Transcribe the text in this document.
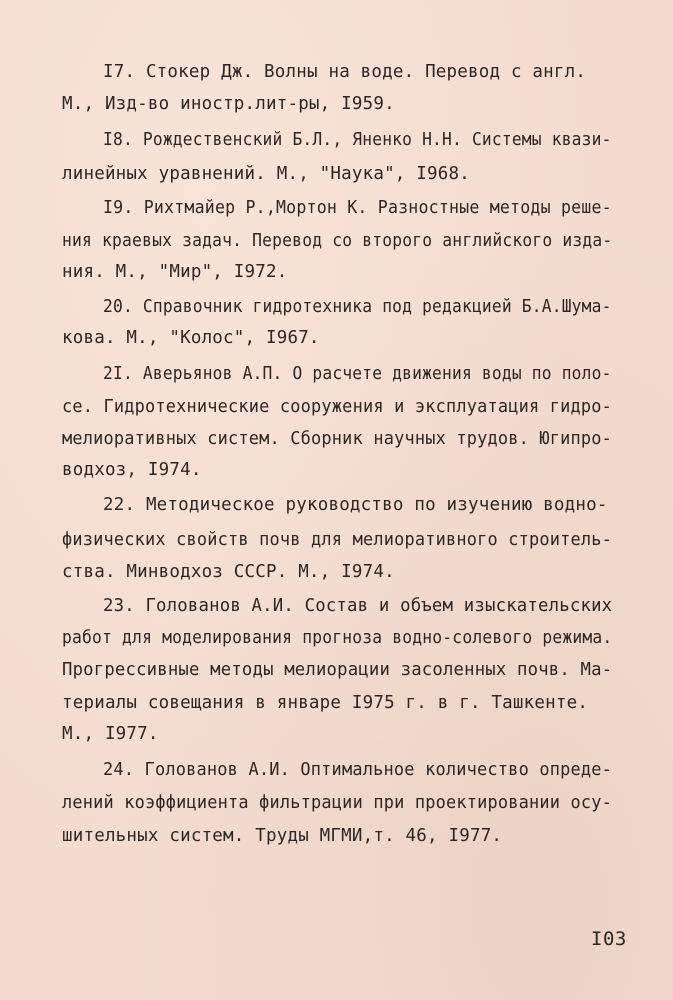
I7. Стокер Дж. Волны на воде. Перевод с англ.
М., Изд-во иностр.лит-ры, I959.
I8. Рождественский Б.Л., Яненко Н.Н. Системы квази-
линейных уравнений. М., "Наука", I968.
I9. Рихтмайер Р.,Мортон К. Разностные методы реше-
ния краевых задач. Перевод со второго английского изда-
ния. М., "Мир", I972.
20. Справочник гидротехника под редакцией Б.А.Шума-
кова. М., "Колос", I967.
2I. Аверьянов А.П. О расчете движения воды по поло-
се. Гидротехнические сооружения и эксплуатация гидро-
мелиоративных систем. Сборник научных трудов. Югипро-
водхоз, I974.
22. Методическое руководство по изучению водно-
физических свойств почв для мелиоративного строитель-
ства. Минводхоз СССР. М., I974.
23. Голованов А.И. Состав и объем изыскательских
работ для моделирования прогноза водно-солевого режима.
Прогрессивные методы мелиорации засоленных почв. Ма-
териалы совещания в январе I975 г. в г. Ташкенте.
М., I977.
24. Голованов А.И. Оптимальное количество опреде-
лений коэффициента фильтрации при проектировании осу-
шительных систем. Труды МГМИ,т. 46, I977.
I03
